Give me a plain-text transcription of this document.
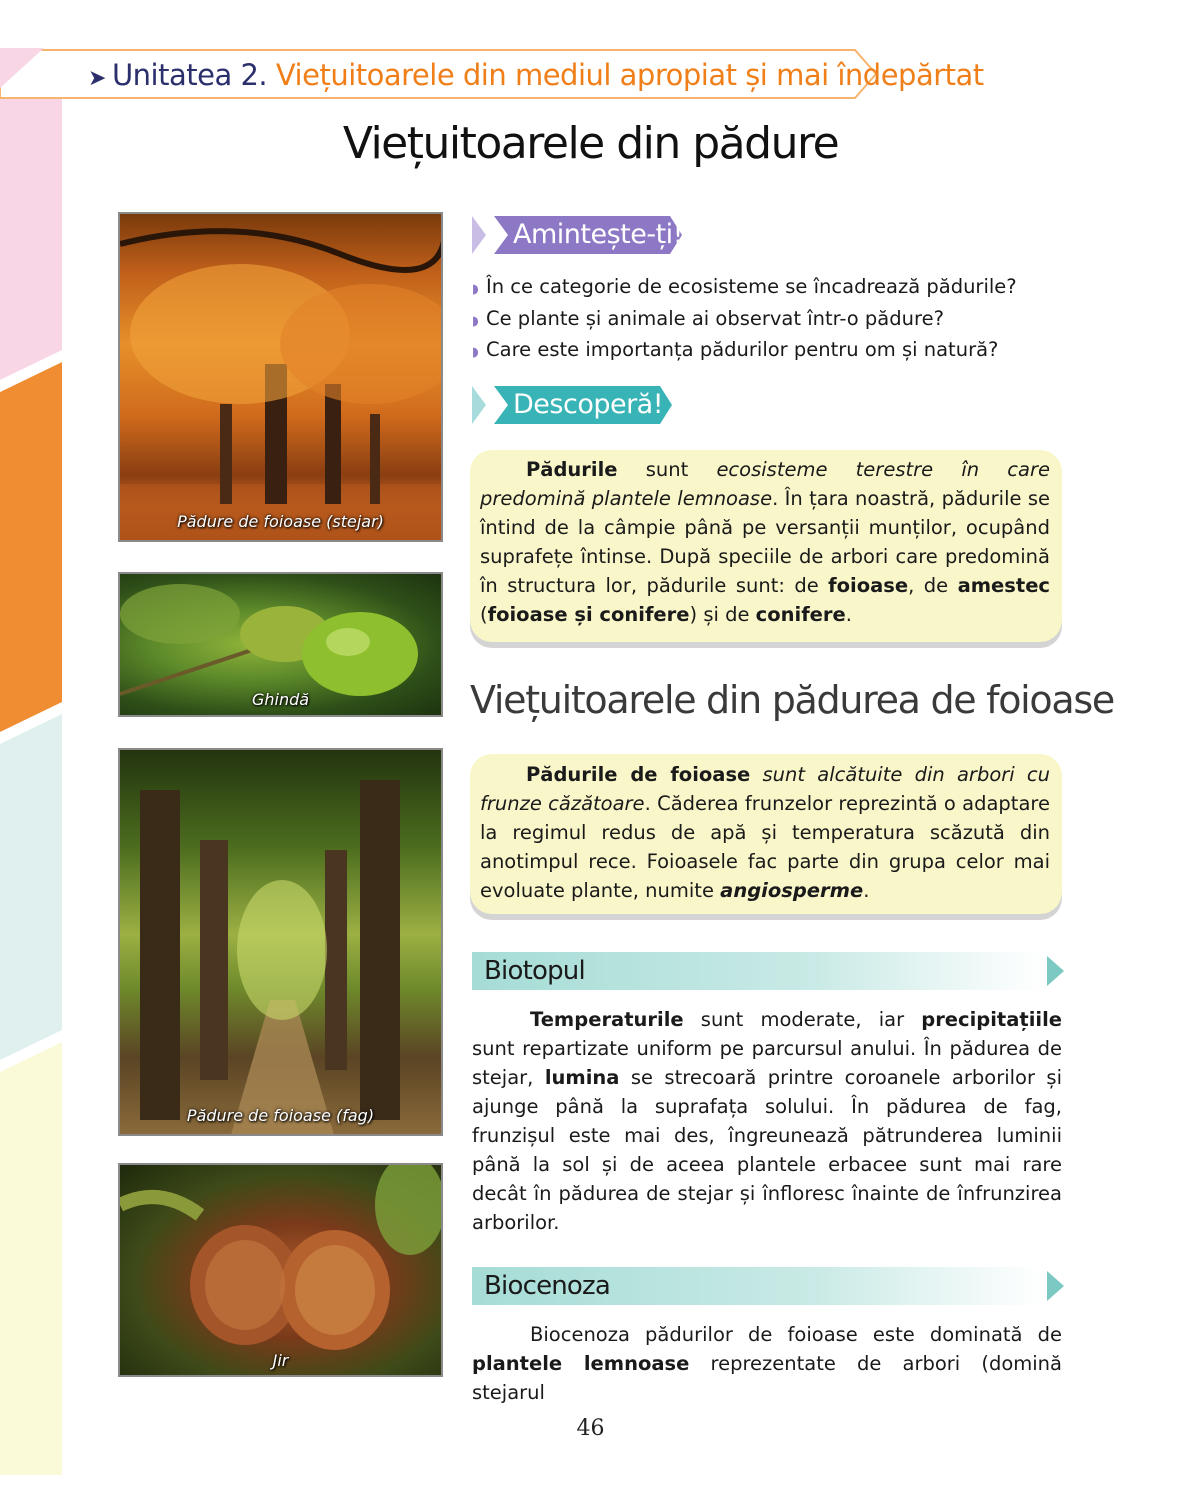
➤ Unitatea 2. Viețuitoarele din mediul apropiat și mai îndepărtat
Viețuitoarele din pădure
Pădure de foioase (stejar)
Ghindă
Pădure de foioase (fag)
Jir
Amintește-ți!
◗ În ce categorie de ecosisteme se încadrează pădurile?
◗ Ce plante și animale ai observat într-o pădure?
◗ Care este importanța pădurilor pentru om și natură?
Descoperă!
Pădurile sunt ecosisteme terestre în care predomină plantele lemnoase. În țara noastră, pădurile se întind de la câmpie până pe versanții munților, ocupând suprafețe întinse. După speciile de arbori care predomină în structura lor, pădurile sunt: de foioase, de amestec (foioase și conifere) și de conifere.
Viețuitoarele din pădurea de foioase
Pădurile de foioase sunt alcătuite din arbori cu frunze căzătoare. Căderea frunzelor reprezintă o adaptare la regimul redus de apă și temperatura scăzută din anotimpul rece. Foioasele fac parte din grupa celor mai evoluate plante, numite angiosperme.
Biotopul
Temperaturile sunt moderate, iar precipitațiile sunt repartizate uniform pe parcursul anului. În pădurea de stejar, lumina se strecoară printre coroanele arborilor și ajunge până la suprafața solului. În pădurea de fag, frunzișul este mai des, îngreunează pătrunderea luminii până la sol și de aceea plantele erbacee sunt mai rare decât în pădurea de stejar și înfloresc înainte de înfrunzirea arborilor.
Biocenoza
Biocenoza pădurilor de foioase este dominată de plantele lemnoase reprezentate de arbori (domină stejarul
46
